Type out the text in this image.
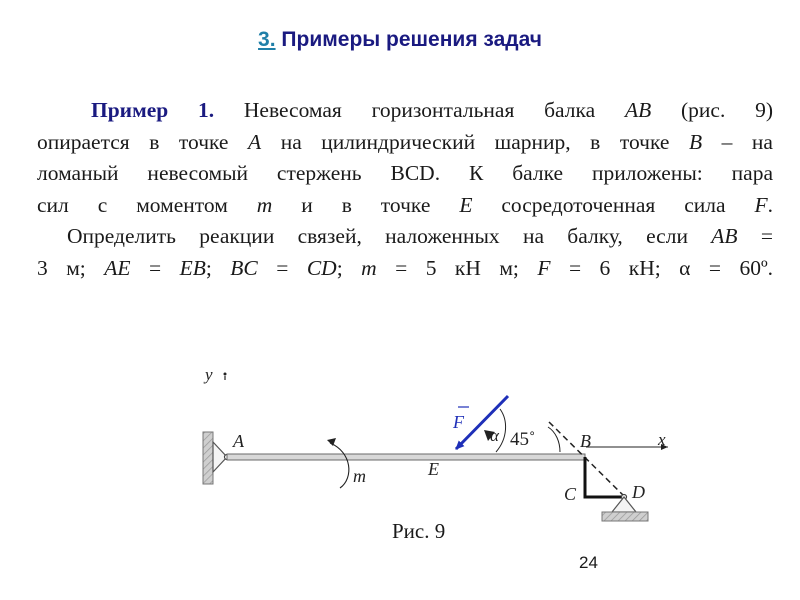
3. Примеры решения задач
Пример 1. Невесомая горизонтальная балка AB (рис. 9)
опирается в точке A на цилиндрический шарнир, в точке B – на
ломаный невесомый стержень BCD. К балке приложены: пара
сил с моментом m и в точке E сосредоточенная сила F.
Определить реакции связей, наложенных на балку, если AB =
3 м; AE = EB; BC = CD; m = 5 кН м; F = 6 кН; α = 60º.
y
A	x
m	E
F
α 45˚ B
C	D
Рис. 9
24
